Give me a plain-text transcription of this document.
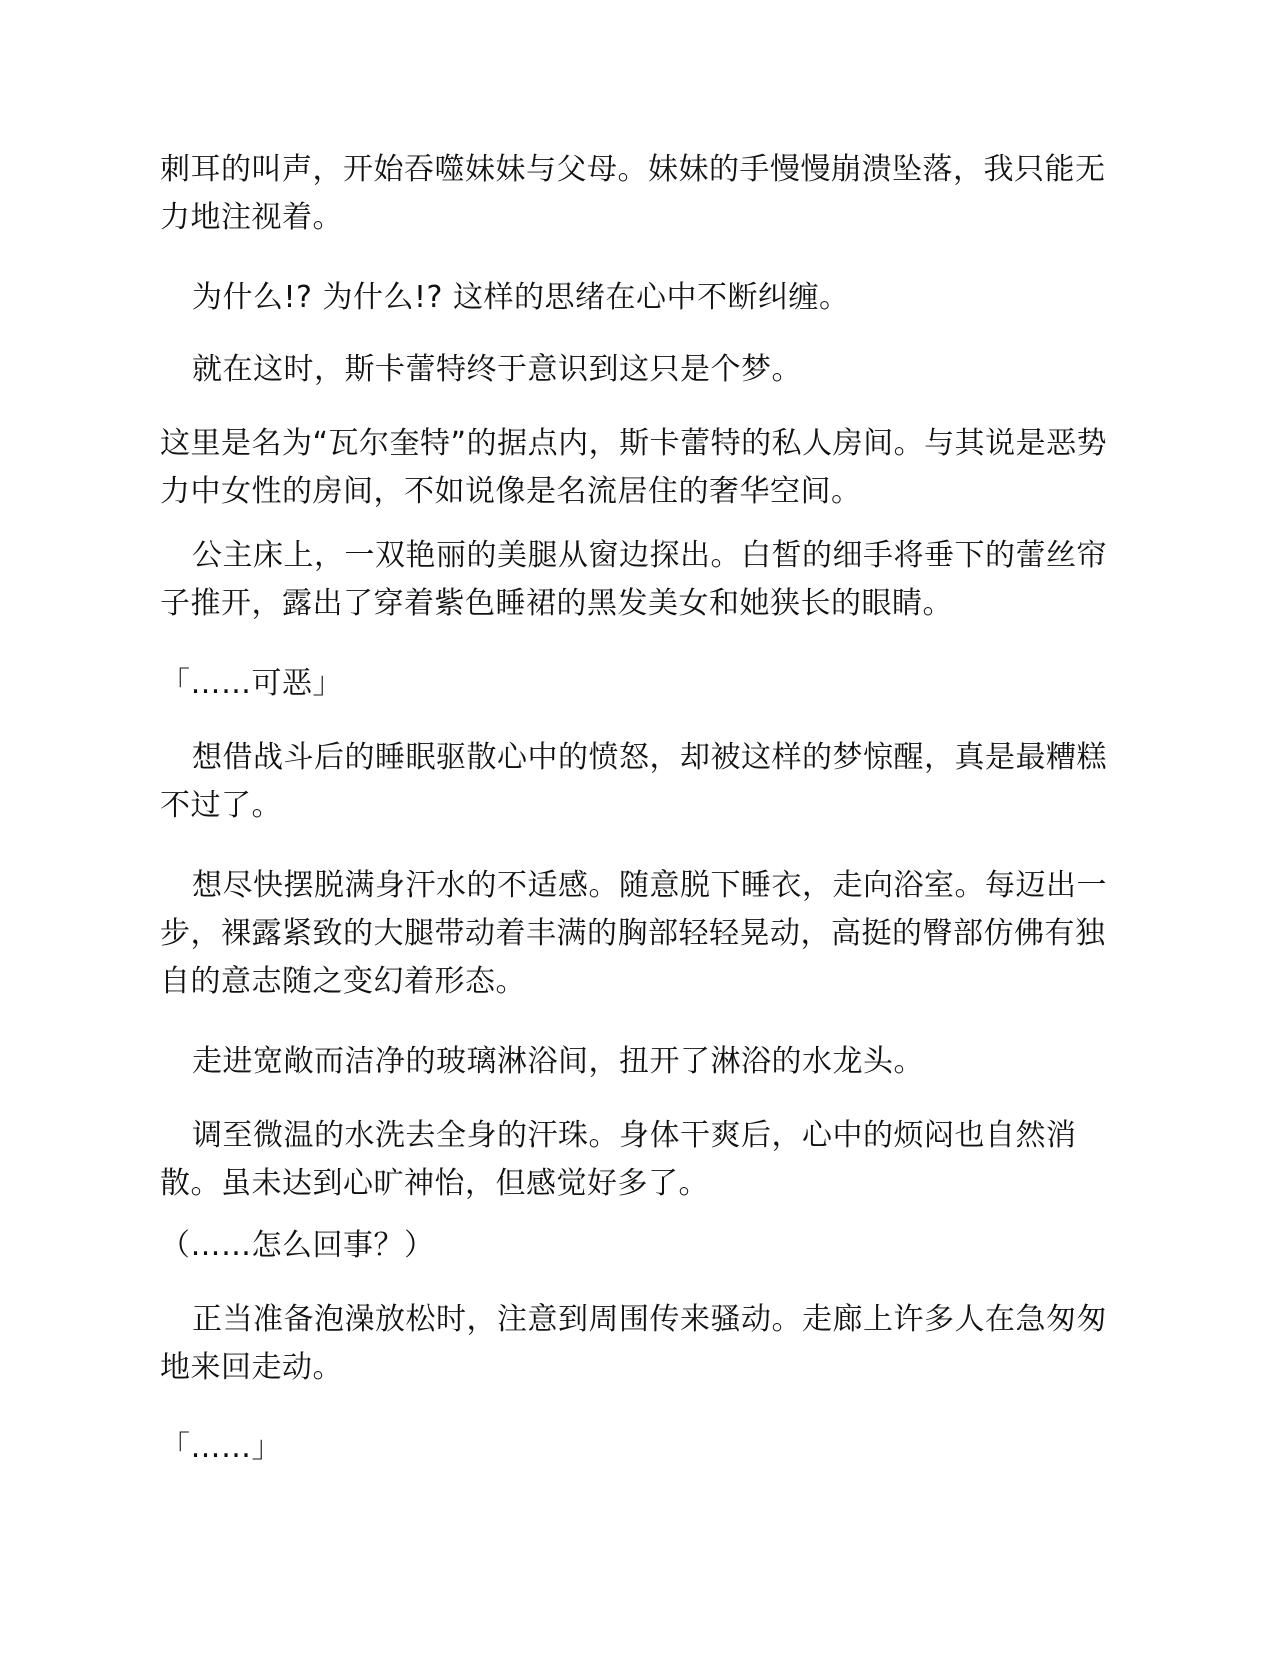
刺耳的叫声，开始吞噬妹妹与父母。妹妹的手慢慢崩溃坠落，我只能无力地注视着。

为什么!? 为什么!? 这样的思绪在心中不断纠缠。

就在这时，斯卡蕾特终于意识到这只是个梦。

这里是名为“瓦尔奎特”的据点内，斯卡蕾特的私人房间。与其说是恶势力中女性的房间，不如说像是名流居住的奢华空间。

公主床上，一双艳丽的美腿从窗边探出。白皙的细手将垂下的蕾丝帘子推开，露出了穿着紫色睡裙的黑发美女和她狭长的眼睛。

「……可恶」

想借战斗后的睡眠驱散心中的愤怒，却被这样的梦惊醒，真是最糟糕不过了。

想尽快摆脱满身汗水的不适感。随意脱下睡衣，走向浴室。每迈出一步，裸露紧致的大腿带动着丰满的胸部轻轻晃动，高挺的臀部仿佛有独自的意志随之变幻着形态。

走进宽敞而洁净的玻璃淋浴间，扭开了淋浴的水龙头。

调至微温的水洗去全身的汗珠。身体干爽后，心中的烦闷也自然消散。虽未达到心旷神怡，但感觉好多了。

（……怎么回事？）

正当准备泡澡放松时，注意到周围传来骚动。走廊上许多人在急匆匆地来回走动。

「……」
